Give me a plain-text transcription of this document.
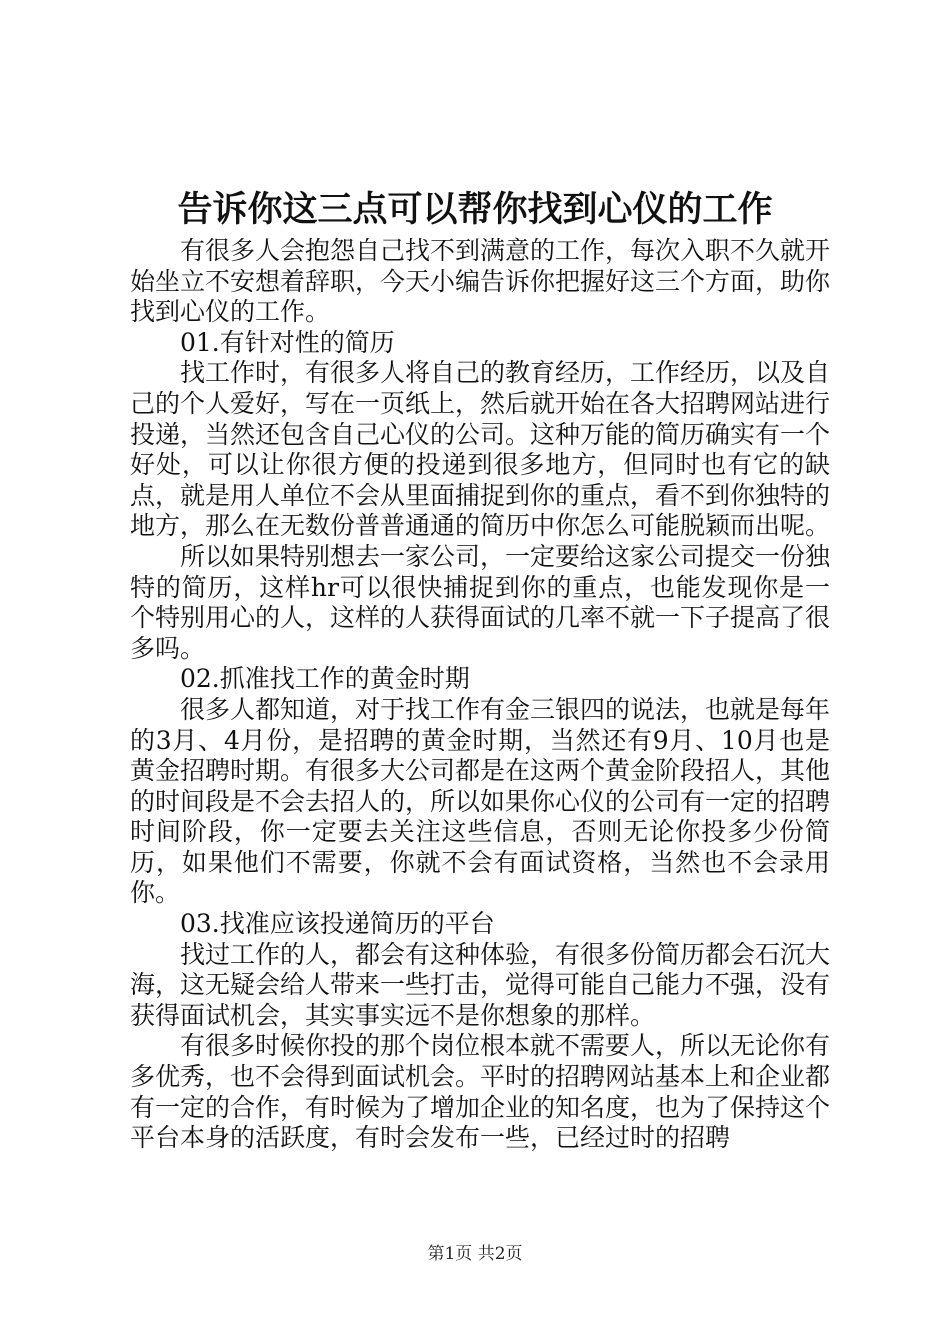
告诉你这三点可以帮你找到心仪的工作

有很多人会抱怨自己找不到满意的工作，每次入职不久就开始坐立不安想着辞职，今天小编告诉你把握好这三个方面，助你找到心仪的工作。

01.有针对性的简历

找工作时，有很多人将自己的教育经历，工作经历，以及自己的个人爱好，写在一页纸上，然后就开始在各大招聘网站进行投递，当然还包含自己心仪的公司。这种万能的简历确实有一个好处，可以让你很方便的投递到很多地方，但同时也有它的缺点，就是用人单位不会从里面捕捉到你的重点，看不到你独特的地方，那么在无数份普普通通的简历中你怎么可能脱颖而出呢。

所以如果特别想去一家公司，一定要给这家公司提交一份独特的简历，这样hr可以很快捕捉到你的重点，也能发现你是一个特别用心的人，这样的人获得面试的几率不就一下子提高了很多吗。

02.抓准找工作的黄金时期

很多人都知道，对于找工作有金三银四的说法，也就是每年的3月、4月份，是招聘的黄金时期，当然还有9月、10月也是黄金招聘时期。有很多大公司都是在这两个黄金阶段招人，其他的时间段是不会去招人的，所以如果你心仪的公司有一定的招聘时间阶段，你一定要去关注这些信息，否则无论你投多少份简历，如果他们不需要，你就不会有面试资格，当然也不会录用你。

03.找准应该投递简历的平台

找过工作的人，都会有这种体验，有很多份简历都会石沉大海，这无疑会给人带来一些打击，觉得可能自己能力不强，没有获得面试机会，其实事实远不是你想象的那样。

有很多时候你投的那个岗位根本就不需要人，所以无论你有多优秀，也不会得到面试机会。平时的招聘网站基本上和企业都有一定的合作，有时候为了增加企业的知名度，也为了保持这个平台本身的活跃度，有时会发布一些，已经过时的招聘

第1页 共2页
